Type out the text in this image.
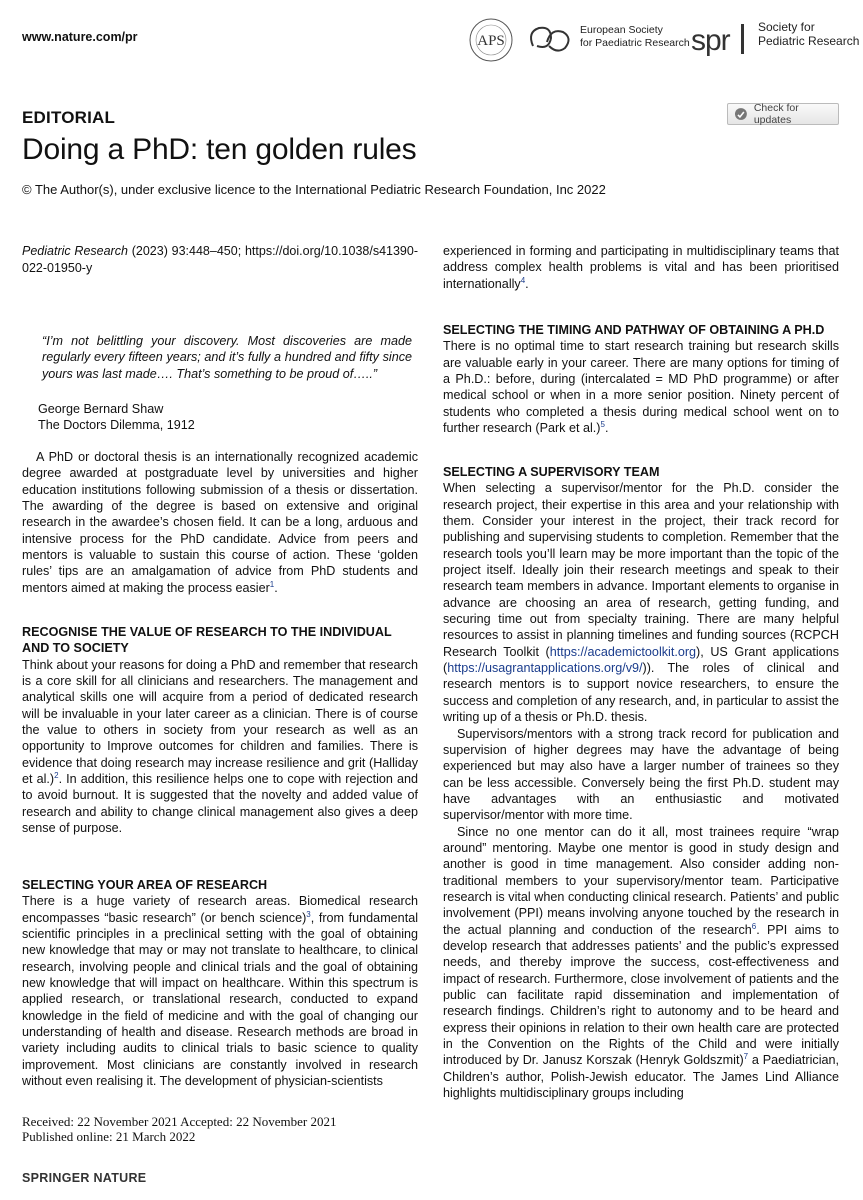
www.nature.com/pr	APS	spr
European Society
for Paediatric Research
Society for
Pediatric Research
EDITORIAL
Doing a PhD: ten golden rules
© The Author(s), under exclusive licence to the International Pediatric Research Foundation, Inc 2022
Check for updates
Pediatric Research (2023) 93:448–450; https://doi.org/10.1038/s41390-022-01950-y
“I’m not belittling your discovery. Most discoveries are made regularly every fifteen years; and it’s fully a hundred and fifty since yours was last made…. That’s something to be proud of…..”
George Bernard Shaw
The Doctors Dilemma, 1912

A PhD or doctoral thesis is an internationally recognized academic degree awarded at postgraduate level by universities and higher education institutions following submission of a thesis or dissertation. The awarding of the degree is based on extensive and original research in the awardee’s chosen field. It can be a long, arduous and intensive process for the PhD candidate. Advice from peers and mentors is valuable to sustain this course of action. These ‘golden rules’ tips are an amalgamation of advice from PhD students and mentors aimed at making the process easier$^1$.

RECOGNISE THE VALUE OF RESEARCH TO THE INDIVIDUAL AND TO SOCIETY

Think about your reasons for doing a PhD and remember that research is a core skill for all clinicians and researchers. The management and analytical skills one will acquire from a period of dedicated research will be invaluable in your later career as a clinician. There is of course the value to others in society from your research as well as an opportunity to Improve outcomes for children and families. There is evidence that doing research may increase resilience and grit (Halliday et al.)$^2$. In addition, this resilience helps one to cope with rejection and to avoid burnout. It is suggested that the novelty and added value of research and ability to change clinical management also gives a deep sense of purpose.

SELECTING YOUR AREA OF RESEARCH

There is a huge variety of research areas. Biomedical research encompasses “basic research” (or bench science)$^3$, from fundamental scientific principles in a preclinical setting with the goal of obtaining new knowledge that may or may not translate to healthcare, to clinical research, involving people and clinical trials and the goal of obtaining new knowledge that will impact on healthcare. Within this spectrum is applied research, or translational research, conducted to expand knowledge in the field of medicine and with the goal of changing our understanding of health and disease. Research methods are broad in variety including audits to clinical trials to basic science to quality improvement. Most clinicians are constantly involved in research without even realising it. The development of physician-scientists

experienced in forming and participating in multidisciplinary teams that address complex health problems is vital and has been prioritised internationally$^4$.

SELECTING THE TIMING AND PATHWAY OF OBTAINING A PH.D

There is no optimal time to start research training but research skills are valuable early in your career. There are many options for timing of a Ph.D.: before, during (intercalated = MD PhD programme) or after medical school or when in a more senior position. Ninety percent of students who completed a thesis during medical school went on to further research (Park et al.)$^5$.

SELECTING A SUPERVISORY TEAM

When selecting a supervisor/mentor for the Ph.D. consider the research project, their expertise in this area and your relationship with them. Consider your interest in the project, their track record for publishing and supervising students to completion. Remember that the research tools you’ll learn may be more important than the topic of the project itself. Ideally join their research meetings and speak to their research team members in advance. Important elements to organise in advance are choosing an area of research, getting funding, and securing time out from specialty training. There are many helpful resources to assist in planning timelines and funding sources (RCPCH Research Toolkit (https://academictoolkit.org), US Grant applications (https://usagrantapplications.org/v9/)). The roles of clinical and research mentors is to support novice researchers, to ensure the success and completion of any research, and, in particular to assist the writing up of a thesis or Ph.D. thesis.

Supervisors/mentors with a strong track record for publication and supervision of higher degrees may have the advantage of being experienced but may also have a larger number of trainees so they can be less accessible. Conversely being the first Ph.D. student may have advantages with an enthusiastic and motivated supervisor/mentor with more time.

Since no one mentor can do it all, most trainees require “wrap around” mentoring. Maybe one mentor is good in study design and another is good in time management. Also consider adding non-traditional members to your supervisory/mentor team. Participative research is vital when conducting clinical research. Patients’ and public involvement (PPI) means involving anyone touched by the research in the actual planning and conduction of the research$^6$. PPI aims to develop research that addresses patients’ and the public’s expressed needs, and thereby improve the success, cost-effectiveness and impact of research. Furthermore, close involvement of patients and the public can facilitate rapid dissemination and implementation of research findings. Children’s right to autonomy and to be heard and express their opinions in relation to their own health care are protected in the Convention on the Rights of the Child and were initially introduced by Dr. Janusz Korszak (Henryk Goldszmit)$^7$ a Paediatrician, Children’s author, Polish-Jewish educator. The James Lind Alliance highlights multidisciplinary groups including

Received: 22 November 2021 Accepted: 22 November 2021
Published online: 21 March 2022
SPRINGER NATURE
